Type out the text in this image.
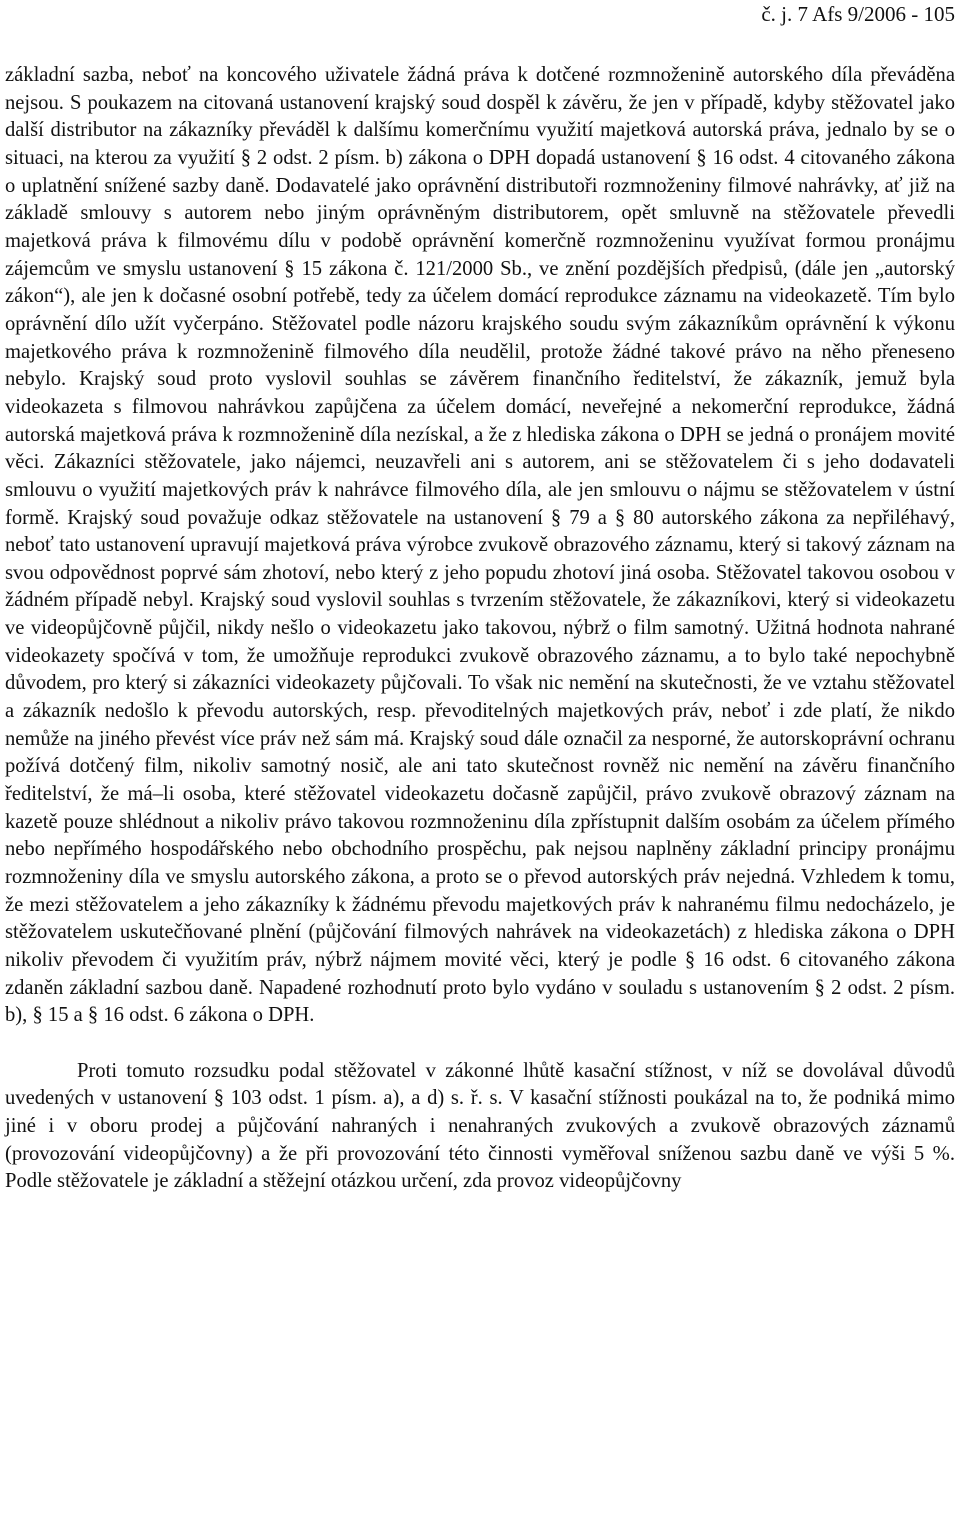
č. j. 7 Afs 9/2006 - 105

základní sazba, neboť na koncového uživatele žádná práva k dotčené rozmnoženině autorského díla převáděna nejsou. S poukazem na citovaná ustanovení krajský soud dospěl k závěru, že jen v případě, kdyby stěžovatel jako další distributor na zákazníky převáděl k dalšímu komerčnímu využití majetková autorská práva, jednalo by se o situaci, na kterou za využití § 2 odst. 2 písm. b) zákona o DPH dopadá ustanovení § 16 odst. 4 citovaného zákona o uplatnění snížené sazby daně. Dodavatelé jako oprávnění distributoři rozmnoženiny filmové nahrávky, ať již na základě smlouvy s autorem nebo jiným oprávněným distributorem, opět smluvně na stěžovatele převedli majetková práva k filmovému dílu v podobě oprávnění komerčně rozmnoženinu využívat formou pronájmu zájemcům ve smyslu ustanovení § 15 zákona č. 121/2000 Sb., ve znění pozdějších předpisů, (dále jen „autorský zákon“), ale jen k dočasné osobní potřebě, tedy za účelem domácí reprodukce záznamu na videokazetě. Tím bylo oprávnění dílo užít vyčerpáno. Stěžovatel podle názoru krajského soudu svým zákazníkům oprávnění k výkonu majetkového práva k rozmnoženině filmového díla neudělil, protože žádné takové právo na něho přeneseno nebylo. Krajský soud proto vyslovil souhlas se závěrem finančního ředitelství, že zákazník, jemuž byla videokazeta s filmovou nahrávkou zapůjčena za účelem domácí, neveřejné a nekomerční reprodukce, žádná autorská majetková práva k rozmnoženině díla nezískal, a že z hlediska zákona o DPH se jedná o pronájem movité věci. Zákazníci stěžovatele, jako nájemci, neuzavřeli ani s autorem, ani se stěžovatelem či s jeho dodavateli smlouvu o využití majetkových práv k nahrávce filmového díla, ale jen smlouvu o nájmu se stěžovatelem v ústní formě. Krajský soud považuje odkaz stěžovatele na ustanovení § 79 a § 80 autorského zákona za nepřiléhavý, neboť tato ustanovení upravují majetková práva výrobce zvukově obrazového záznamu, který si takový záznam na svou odpovědnost poprvé sám zhotoví, nebo který z jeho popudu zhotoví jiná osoba. Stěžovatel takovou osobou v žádném případě nebyl. Krajský soud vyslovil souhlas s tvrzením stěžovatele, že zákazníkovi, který si videokazetu ve videopůjčovně půjčil, nikdy nešlo o videokazetu jako takovou, nýbrž o film samotný. Užitná hodnota nahrané videokazety spočívá v tom, že umožňuje reprodukci zvukově obrazového záznamu, a to bylo také nepochybně důvodem, pro který si zákazníci videokazety půjčovali. To však nic nemění na skutečnosti, že ve vztahu stěžovatel a zákazník nedošlo k převodu autorských, resp. převoditelných majetkových práv, neboť i zde platí, že nikdo nemůže na jiného převést více práv než sám má. Krajský soud dále označil za nesporné, že autorskoprávní ochranu požívá dotčený film, nikoliv samotný nosič, ale ani tato skutečnost rovněž nic nemění na závěru finančního ředitelství, že má–li osoba, které stěžovatel videokazetu dočasně zapůjčil, právo zvukově obrazový záznam na kazetě pouze shlédnout a nikoliv právo takovou rozmnoženinu díla zpřístupnit dalším osobám za účelem přímého nebo nepřímého hospodářského nebo obchodního prospěchu, pak nejsou naplněny základní principy pronájmu rozmnoženiny díla ve smyslu autorského zákona, a proto se o převod autorských práv nejedná. Vzhledem k tomu, že mezi stěžovatelem a jeho zákazníky k žádnému převodu majetkových práv k nahranému filmu nedocházelo, je stěžovatelem uskutečňované plnění (půjčování filmových nahrávek na videokazetách) z hlediska zákona o DPH nikoliv převodem či využitím práv, nýbrž nájmem movité věci, který je podle § 16 odst. 6 citovaného zákona zdaněn základní sazbou daně. Napadené rozhodnutí proto bylo vydáno v souladu s ustanovením § 2 odst. 2 písm. b), § 15 a § 16 odst. 6 zákona o DPH.

Proti tomuto rozsudku podal stěžovatel v zákonné lhůtě kasační stížnost, v níž se dovolával důvodů uvedených v ustanovení § 103 odst. 1 písm. a), a d) s. ř. s. V kasační stížnosti poukázal na to, že podniká mimo jiné i v oboru prodej a půjčování nahraných i nenahraných zvukových a zvukově obrazových záznamů (provozování videopůjčovny) a že při provozování této činnosti vyměřoval sníženou sazbu daně ve výši 5 %. Podle stěžovatele je základní a stěžejní otázkou určení, zda provoz videopůjčovny
